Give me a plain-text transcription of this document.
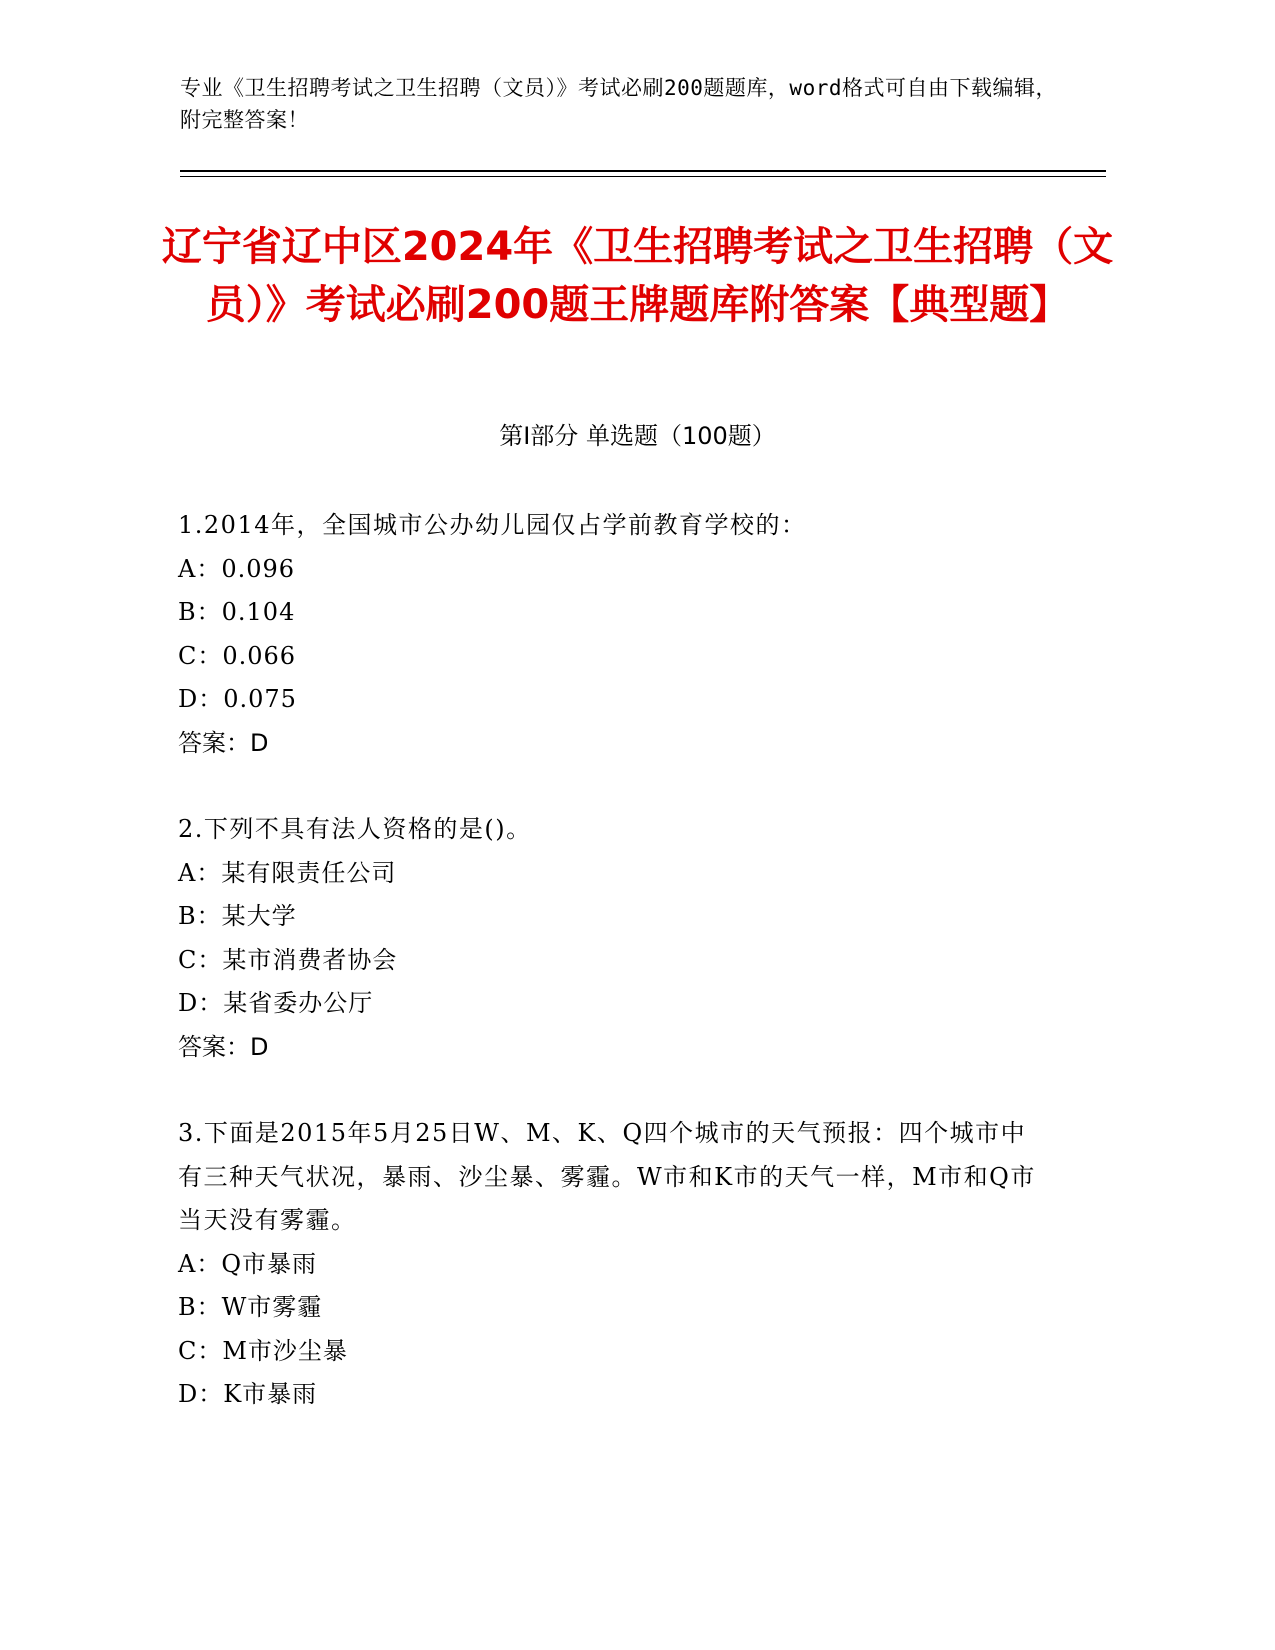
专业《卫生招聘考试之卫生招聘（文员）》考试必刷200题题库，word格式可自由下载编辑，附完整答案！
辽宁省辽中区2024年《卫生招聘考试之卫生招聘（文员）》考试必刷200题王牌题库附答案【典型题】
第I部分 单选题（100题）
1.2014年，全国城市公办幼儿园仅占学前教育学校的：
A：0.096
B：0.104
C：0.066
D：0.075
答案：D
2.下列不具有法人资格的是()。
A：某有限责任公司
B：某大学
C：某市消费者协会
D：某省委办公厅
答案：D
3.下面是2015年5月25日W、M、K、Q四个城市的天气预报：四个城市中有三种天气状况，暴雨、沙尘暴、雾霾。W市和K市的天气一样，M市和Q市当天没有雾霾。
A：Q市暴雨
B：W市雾霾
C：M市沙尘暴
D：K市暴雨
